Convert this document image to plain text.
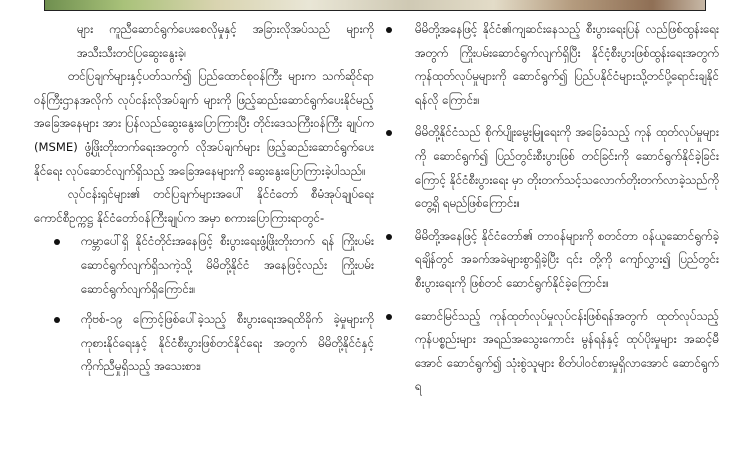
များ ကူညီဆောင်ရွက်ပေးစေလိုမှုနှင့် အခြားလိုအပ်သည် များကို အသီးသီးတင်ပြဆွေးနွေးခဲ့၊

တင်ပြချက်များနှင့်ပတ်သက်၍ ပြည်ထောင်စုဝန်ကြီး များက သက်ဆိုင်ရာဝန်ကြီးဌာနအလိုက် လုပ်ငန်းလိုအပ်ချက် များကို ဖြည့်ဆည်းဆောင်ရွက်ပေးနိုင်မည့် အခြေအနေများ အား ပြန်လည်ဆွေးနွေးပြောကြားပြီး တိုင်းဒေသကြီးဝန်ကြီး ချုပ်က (MSME) ဖွံ့ဖြိုးတိုးတက်ရေးအတွက် လိုအပ်ချက်များ ဖြည့်ဆည်းဆောင်ရွက်ပေးနိုင်ရေး လုပ်ဆောင်လျက်ရှိသည့် အခြေအနေများကို ဆွေးနွေးပြောကြားခဲ့ပါသည်။

လုပ်ငန်းရှင်များ၏ တင်ပြချက်များအပေါ် နိုင်ငံတော် စီမံအုပ်ချုပ်ရေးကောင်စီဥက္ကဋ္ဌ နိုင်ငံတော်ဝန်ကြီးချုပ်က အမှာ စကားပြောကြားရာတွင်-

ကမ္ဘာပေါ်ရှိ နိုင်ငံတိုင်းအနေဖြင့် စီးပွားရေးဖွံ့ဖြိုးတိုးတက် ရန် ကြိုးပမ်းဆောင်ရွက်လျက်ရှိသကဲ့သို့ မိမိတို့နိုင်ငံ အနေဖြင့်လည်း ကြိုးပမ်းဆောင်ရွက်လျက်ရှိကြောင်း။
ကိုဗစ်-၁၉ ကြောင့်ဖြစ်ပေါ်ခဲ့သည့် စီးပွားရေးအရထိခိုက် ခဲ့မှုများကို ကုစားနိုင်ရေးနှင့် နိုင်ငံစီးပွားဖြစ်တင်နိုင်ရေး အတွက် မိမိတို့နိုင်ငံနှင့် ကိုက်ညီမှုရှိသည့် အသေးစား၊
မိမိတို့အနေဖြင့် နိုင်ငံ၏ကျဆင်းနေသည့် စီးပွားရေးပြန် လည်ဖြစ်ထွန်းရေးအတွက် ကြိုးပမ်းဆောင်ရွက်လျက်ရှိပြီး နိုင်ငံ့စီးပွားဖြစ်ထွန်းရေးအတွက် ကုန်ထုတ်လုပ်မှုများကို ဆောင်ရွက်၍ ပြည်ပနိုင်ငံများသို့တင်ပို့ရောင်းချနိုင်ရန်လို ကြောင်း။
မိမိတို့နိုင်ငံသည် စိုက်ပျိုးမွေးမြူရေးကို အခြေခံသည့် ကုန် ထုတ်လုပ်မှုများကို ဆောင်ရွက်၍ ပြည်တွင်းစီးပွားဖြစ် တင်ခြင်းကို ဆောင်ရွက်နိုင်ခဲ့ခြင်းကြောင့် နိုင်ငံစီးပွားရေး မှာ တိုးတက်သင့်သလောက်တိုးတက်လာခဲ့သည်ကို တွေ့ရှိ ရမည်ဖြစ်ကြောင်း။
မိမိတို့အနေဖြင့် နိုင်ငံတော်၏ တာဝန်များကို စတင်တာ ဝန်ယူဆောင်ရွက်ခဲ့ရချိန်တွင် အခက်အခဲများစွာရှိခဲ့ပြီး ၎င်း တို့ကို ကျော်လွှား၍ ပြည်တွင်းစီးပွားရေးကို ဖြစ်တင် ဆောင်ရွက်နိုင်ခဲ့ကြောင်း။
ဆောင်မြင်သည့် ကုန်ထုတ်လုပ်မှုလုပ်ငန်းဖြစ်ရန်အတွက် ထုတ်လုပ်သည့် ကုန်ပစ္စည်းများ အရည်အသွေးကောင်း မွန်ရန်နှင့် ထုပ်ပိုးမှုများ အဆင့်မီအောင် ဆောင်ရွက်၍ သုံးစွဲသူများ စိတ်ပါဝင်စားမှုရှိလာအောင် ဆောင်ရွက်ရ
